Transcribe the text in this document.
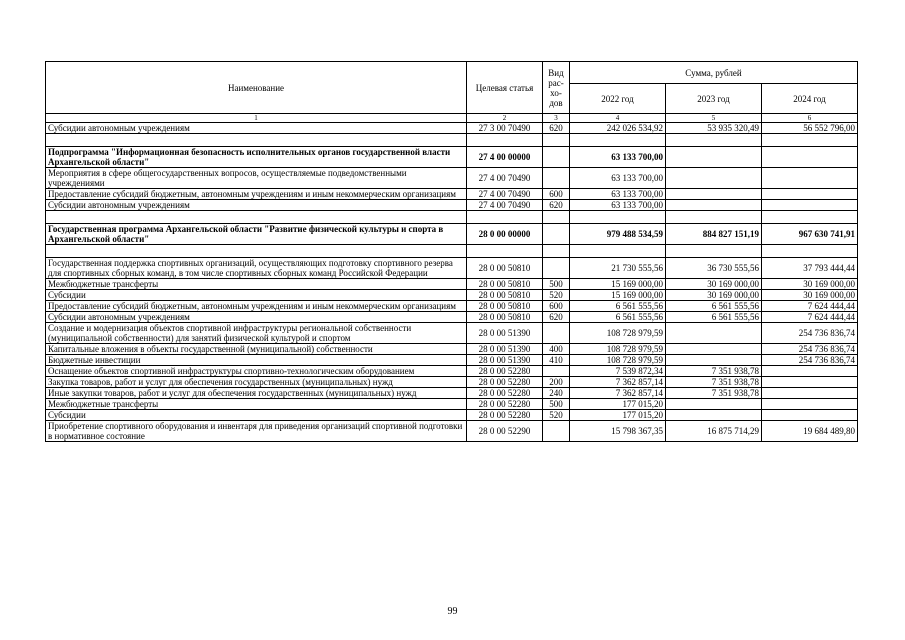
Наименование	Целевая статья	Вид рас-хо-дов	Сумма, рублей		
			2022 год	2023 год	2024 год
1	2	3	4	5	6
Субсидии автономным учреждениям	27 3 00 70490	620	242 026 534,92	53 935 320,49	56 552 796,00

Подпрограмма "Информационная безопасность исполнительных органов государственной власти Архангельской области"	27 4 00 00000		63 133 700,00		
Мероприятия в сфере общегосударственных вопросов, осуществляемые подведомственными учреждениями	27 4 00 70490		63 133 700,00		
Предоставление субсидий бюджетным, автономным учреждениям и иным некоммерческим организациям	27 4 00 70490	600	63 133 700,00		
Субсидии автономным учреждениям	27 4 00 70490	620	63 133 700,00		

Государственная программа Архангельской области "Развитие физической культуры и спорта в Архангельской области"	28 0 00 00000		979 488 534,59	884 827 151,19	967 630 741,91

Государственная поддержка спортивных организаций, осуществляющих подготовку спортивного резерва для спортивных сборных команд, в том числе спортивных сборных команд Российской Федерации	28 0 00 50810		21 730 555,56	36 730 555,56	37 793 444,44
Межбюджетные трансферты	28 0 00 50810	500	15 169 000,00	30 169 000,00	30 169 000,00
Субсидии	28 0 00 50810	520	15 169 000,00	30 169 000,00	30 169 000,00
Предоставление субсидий бюджетным, автономным учреждениям и иным некоммерческим организациям	28 0 00 50810	600	6 561 555,56	6 561 555,56	7 624 444,44
Субсидии автономным учреждениям	28 0 00 50810	620	6 561 555,56	6 561 555,56	7 624 444,44
Создание и модернизация объектов спортивной инфраструктуры региональной собственности (муниципальной собственности) для занятий физической культурой и спортом	28 0 00 51390		108 728 979,59		254 736 836,74
Капитальные вложения в объекты государственной (муниципальной) собственности	28 0 00 51390	400	108 728 979,59		254 736 836,74
Бюджетные инвестиции	28 0 00 51390	410	108 728 979,59		254 736 836,74
Оснащение объектов спортивной инфраструктуры спортивно-технологическим оборудованием	28 0 00 52280		7 539 872,34	7 351 938,78	
Закупка товаров, работ и услуг для обеспечения государственных (муниципальных) нужд	28 0 00 52280	200	7 362 857,14	7 351 938,78	
Иные закупки товаров, работ и услуг для обеспечения государственных (муниципальных) нужд	28 0 00 52280	240	7 362 857,14	7 351 938,78	
Межбюджетные трансферты	28 0 00 52280	500	177 015,20		
Субсидии	28 0 00 52280	520	177 015,20		
Приобретение спортивного оборудования и инвентаря для приведения организаций спортивной подготовки в нормативное состояние	28 0 00 52290		15 798 367,35	16 875 714,29	19 684 489,80
99
